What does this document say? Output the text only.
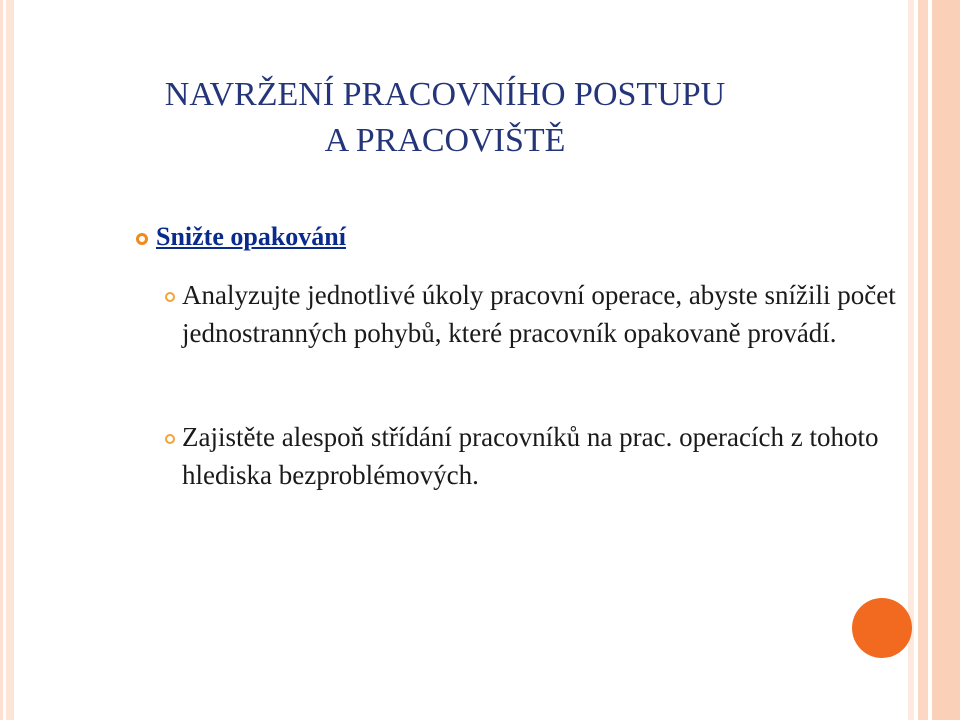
NAVRŽENÍ PRACOVNÍHO POSTUPU
A PRACOVIŠTĚ
Snižte opakování
Analyzujte jednotlivé úkoly pracovní operace, abyste snížili počet jednostranných pohybů, které pracovník opakovaně provádí.
Zajistěte alespoň střídání pracovníků na prac. operacích z tohoto hlediska bezproblémových.
